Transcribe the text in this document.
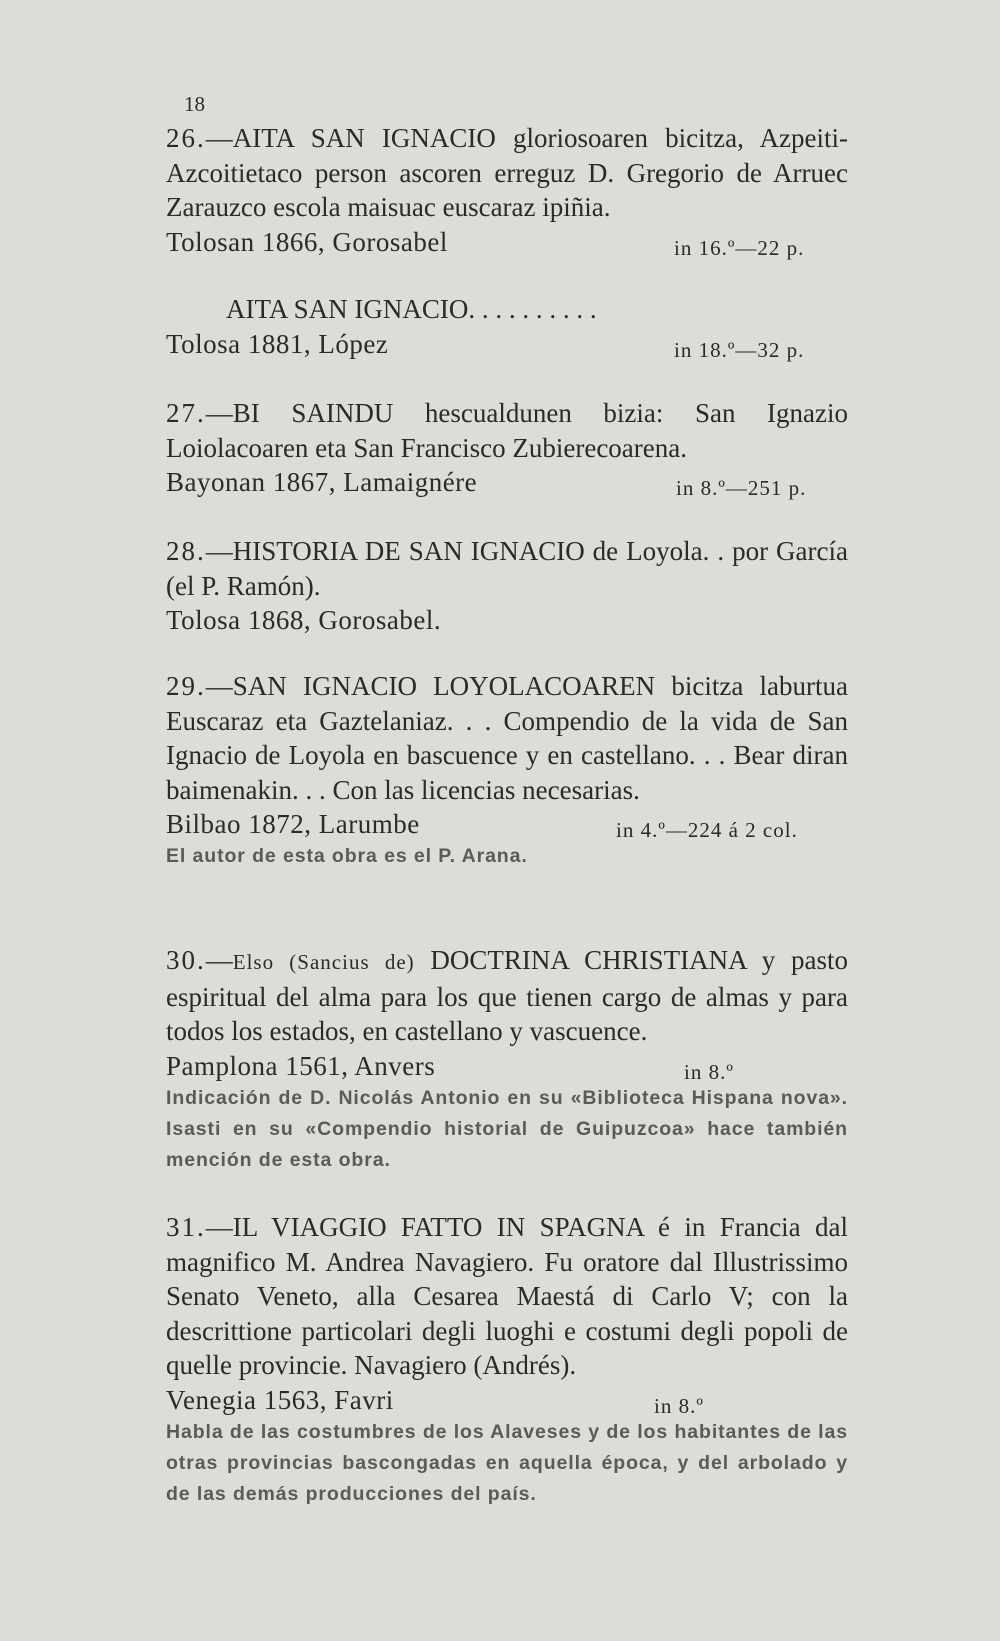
18
26.—AITA SAN IGNACIO gloriosoaren bicitza, Azpeiti-Azcoitietaco person ascoren erreguz D. Gregorio de Arruec Zarauzco escola maisuac euscaraz ipiñia.
Tolosan 1866, Gorosabel	in 16.º—22 p.
AITA SAN IGNACIO. . . . . . . . . .
Tolosa 1881, López	in 18.º—32 p.
27.—BI SAINDU hescualdunen bizia: San Ignazio Loiolacoaren eta San Francisco Zubierecoarena.
Bayonan 1867, Lamaignére	in 8.º—251 p.
28.—HISTORIA DE SAN IGNACIO de Loyola. . por García (el P. Ramón).
Tolosa 1868, Gorosabel.
29.—SAN IGNACIO LOYOLACOAREN bicitza laburtua Euscaraz eta Gaztelaniaz. . . Compendio de la vida de San Ignacio de Loyola en bascuence y en castellano. . . Bear diran baimenakin. . . Con las licencias necesarias.
Bilbao 1872, Larumbe	in 4.º—224 á 2 col.
El autor de esta obra es el P. Arana.
30.—Elso (Sancius de) DOCTRINA CHRISTIANA y pasto espiritual del alma para los que tienen cargo de almas y para todos los estados, en castellano y vascuence.
Pamplona 1561, Anvers	in 8.º
Indicación de D. Nicolás Antonio en su «Biblioteca Hispana nova». Isasti en su «Compendio historial de Guipuzcoa» hace también mención de esta obra.
31.—IL VIAGGIO FATTO IN SPAGNA é in Francia dal magnifico M. Andrea Navagiero. Fu oratore dal Illustrissimo Senato Veneto, alla Cesarea Maestá di Carlo V; con la descrittione particolari degli luoghi e costumi degli popoli de quelle provincie. Navagiero (Andrés).
Venegia 1563, Favri	in 8.º
Habla de las costumbres de los Alaveses y de los habitantes de las otras provincias bascongadas en aquella época, y del arbolado y de las demás producciones del país.
